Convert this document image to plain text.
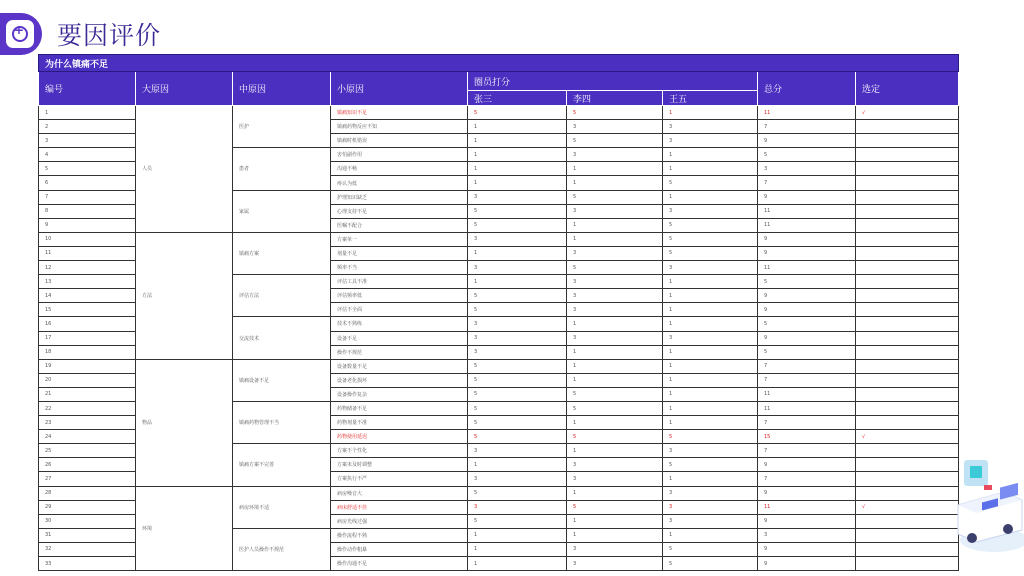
+ 要因评价
为什么镇痛不足								
编号	大原因	中原因	小原因	圈员打分			总分	选定
				张三	李四	王五		
1	人员	医护	镇痛知识不足	5	5	1	11	√
2			镇痛药物反应不知	1	3	3	7	
3			镇痛时机错误	1	5	3	9	
4		患者	害怕副作用	1	3	1	5	
5			沟通不畅	1	1	1	3	
6			疼认为低	1	1	5	7	
7		家属	护理知识缺乏	3	5	1	9	
8			心理支持不足	5	3	3	11	
9			医嘱不配合	5	1	5	11	
10	方法	镇痛方案	方案单一	3	1	5	9	
11			剂量不足	1	3	5	9	
12			频率不当	3	5	3	11	
13		评估方法	评估工具不准	1	3	1	5	
14			评估频率低	5	3	1	9	
15			评估不全面	5	3	1	9	
16		交流技术	技术不熟练	3	1	1	5	
17			设备不足	3	3	3	9	
18			操作不规范	3	1	1	5	
19	物品	镇痛设备不足	设备数量不足	5	1	1	7	
20			设备老化损坏	5	1	1	7	
21			设备操作复杂	5	5	1	11	
22		镇痛药物管理不当	药物储备不足	5	5	1	11	
23			药物剂量不准	5	1	1	7	
24			药物使用延迟	5	5	5	15	√
25		镇痛方案不完善	方案不个性化	3	1	3	7	
26			方案未及时调整	1	3	5	9	
27			方案执行不严	3	3	1	7	
28	环境	病房环境不适	病房噪音大	5	1	3	9	
29			病床舒适不佳	3	5	3	11	√
30			病房光线过强	5	1	3	9	
31		医护人员操作不规范	操作流程不熟	1	1	1	3	
32			操作动作粗暴	1	3	5	9	
33			操作沟通不足	1	3	5	9	
